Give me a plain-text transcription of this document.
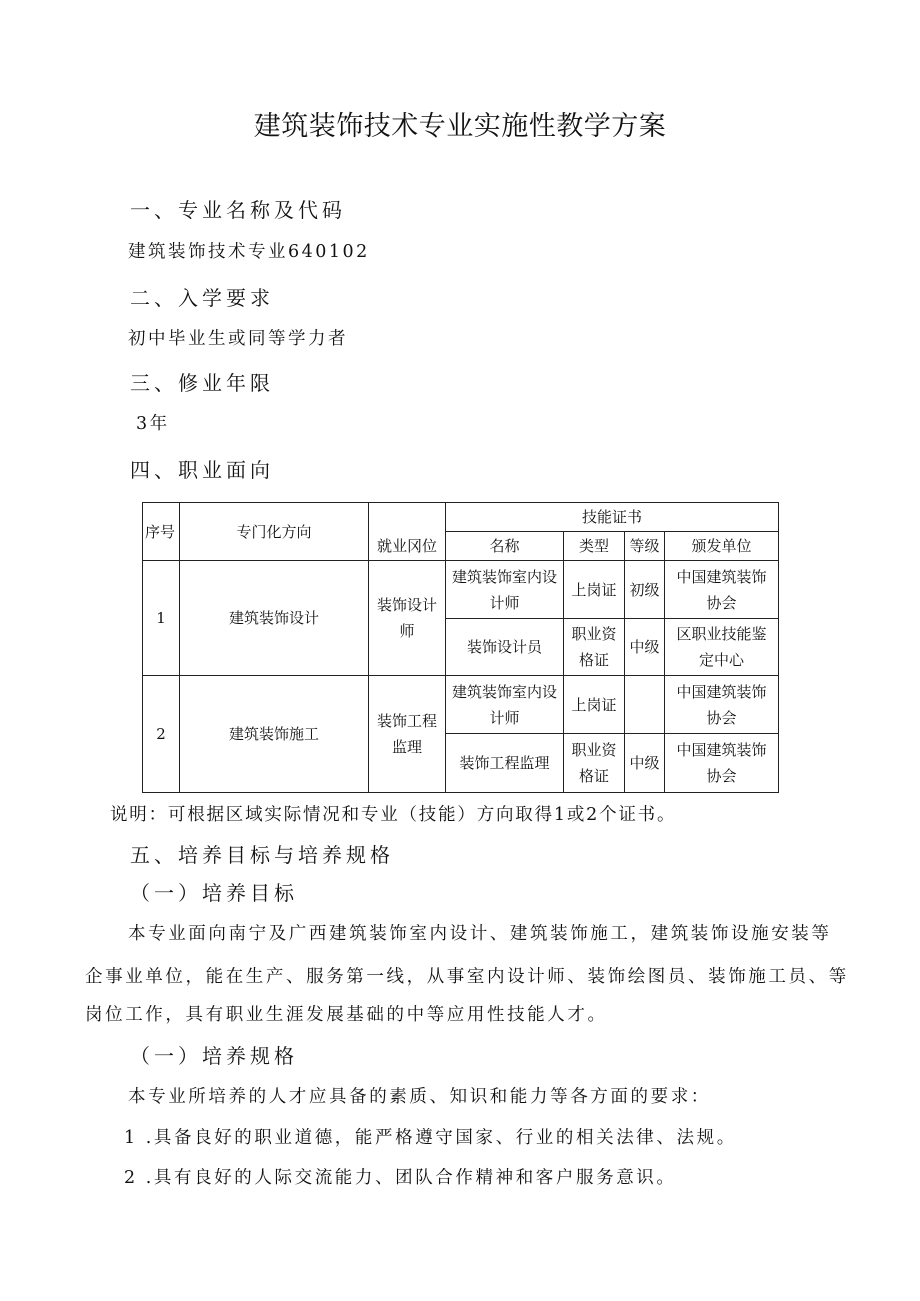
建筑装饰技术专业实施性教学方案
一、专业名称及代码
建筑装饰技术专业640102
二、入学要求
初中毕业生或同等学力者
三、修业年限
3年
四、职业面向
序号	专门化方向	就业冈位	技能证书			
			名称	类型	等级	颁发单位
1	建筑装饰设计	装饰设计师	建筑装饰室内设计师	上岗证	初级	中国建筑装饰协会
			装饰设计员	职业资格证	中级	区职业技能鉴定中心
2	建筑装饰施工	装饰工程监理	建筑装饰室内设计师	上岗证		中国建筑装饰协会
			装饰工程监理	职业资格证	中级	中国建筑装饰协会
说明：可根据区域实际情况和专业（技能）方向取得1或2个证书。
五、培养目标与培养规格
（一）培养目标
本专业面向南宁及广西建筑装饰室内设计、建筑装饰施工，建筑装饰设施安装等
企事业单位，能在生产、服务第一线，从事室内设计师、装饰绘图员、装饰施工员、等
岗位工作，具有职业生涯发展基础的中等应用性技能人才。
（一）培养规格
本专业所培养的人才应具备的素质、知识和能力等各方面的要求：
1 .具备良好的职业道德，能严格遵守国家、行业的相关法律、法规。
2 .具有良好的人际交流能力、团队合作精神和客户服务意识。
